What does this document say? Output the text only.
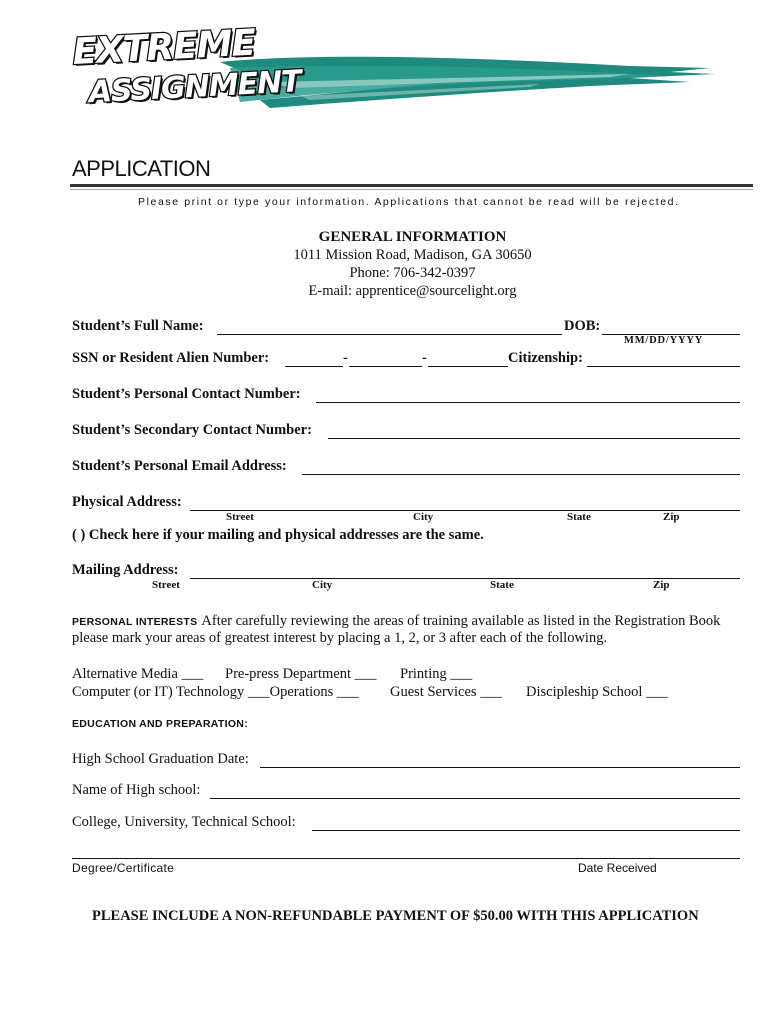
EXTREME
ASSIGNMENT
APPLICATION
Please print or type your information. Applications that cannot be read will be rejected.
GENERAL INFORMATION
1011 Mission Road, Madison, GA 30650
Phone: 706-342-0397
E-mail: apprentice@sourcelight.org
Student’s Full Name:	DOB:
MM/DD/YYYY
SSN or Resident Alien Number:	-	-	Citizenship:
Student’s Personal Contact Number:
Student’s Secondary Contact Number:
Student’s Personal Email Address:
Physical Address:
Street	City	State	Zip
( ) Check here if your mailing and physical addresses are the same.
Mailing Address:
Street	City	State	Zip
PERSONAL INTERESTS After carefully reviewing the areas of training available as listed in the Registration Book
please mark your areas of greatest interest by placing a 1, 2, or 3 after each of the following.
Alternative Media ___ Pre-press Department ___ Printing ___
Computer (or IT) Technology ___Operations ___ Guest Services ___ Discipleship School ___
EDUCATION AND PREPARATION:
High School Graduation Date:
Name of High school:
College, University, Technical School:
Degree/Certificate	Date Received
PLEASE INCLUDE A NON-REFUNDABLE PAYMENT OF $50.00 WITH THIS APPLICATION
